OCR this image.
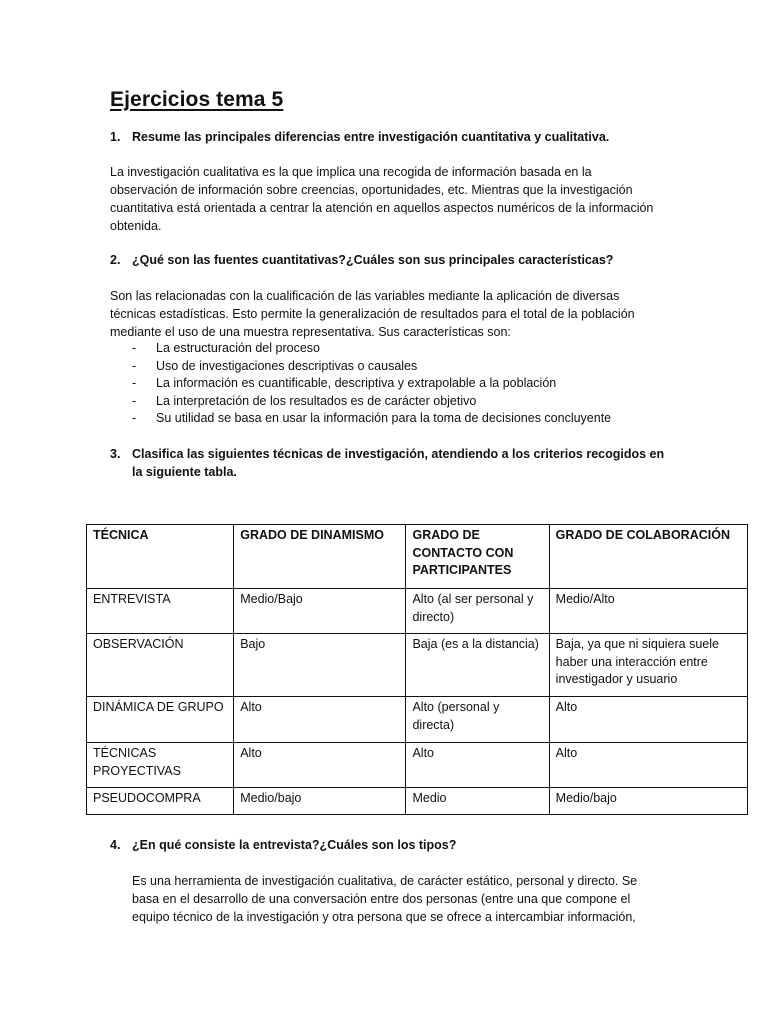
Ejercicios tema 5
1. Resume las principales diferencias entre investigación cuantitativa y cualitativa.
La investigación cualitativa es la que implica una recogida de información basada en la observación de información sobre creencias, oportunidades, etc. Mientras que la investigación cuantitativa está orientada a centrar la atención en aquellos aspectos numéricos de la información obtenida.
2. ¿Qué son las fuentes cuantitativas?¿Cuáles son sus principales características?
Son las relacionadas con la cualificación de las variables mediante la aplicación de diversas técnicas estadísticas. Esto permite la generalización de resultados para el total de la población mediante el uso de una muestra representativa. Sus características son:
- La estructuración del proceso
- Uso de investigaciones descriptivas o causales
- La información es cuantificable, descriptiva y extrapolable a la población
- La interpretación de los resultados es de carácter objetivo
- Su utilidad se basa en usar la información para la toma de decisiones concluyente
3. Clasifica las siguientes técnicas de investigación, atendiendo a los criterios recogidos en la siguiente tabla.
TÉCNICA	GRADO DE DINAMISMO	GRADO DE CONTACTO CON PARTICIPANTES	GRADO DE COLABORACIÓN
ENTREVISTA	Medio/Bajo	Alto (al ser personal y directo)	Medio/Alto
OBSERVACIÓN	Bajo	Baja (es a la distancia)	Baja, ya que ni siquiera suele haber una interacción entre investigador y usuario
DINÁMICA DE GRUPO	Alto	Alto (personal y directa)	Alto
TÉCNICAS PROYECTIVAS	Alto	Alto	Alto
PSEUDOCOMPRA	Medio/bajo	Medio	Medio/bajo
4. ¿En qué consiste la entrevista?¿Cuáles son los tipos?
Es una herramienta de investigación cualitativa, de carácter estático, personal y directo. Se basa en el desarrollo de una conversación entre dos personas (entre una que compone el equipo técnico de la investigación y otra persona que se ofrece a intercambiar información,
